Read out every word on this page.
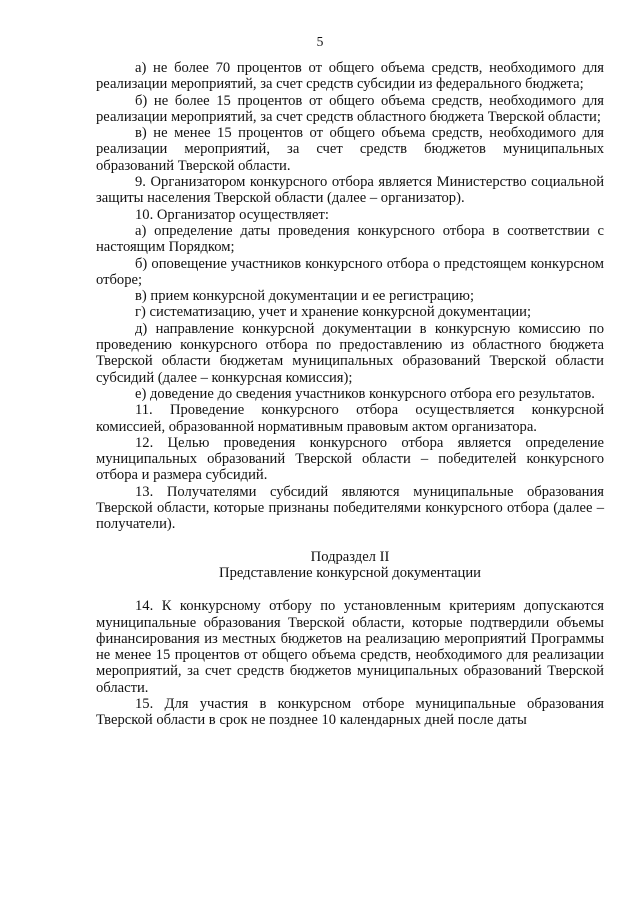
5

а) не более 70 процентов от общего объема средств, необходимого для реализации мероприятий, за счет средств субсидии из федерального бюджета;

б) не более 15 процентов от общего объема средств, необходимого для реализации мероприятий, за счет средств областного бюджета Тверской области;

в) не менее 15 процентов от общего объема средств, необходимого для реализации мероприятий, за счет средств бюджетов муниципальных образований Тверской области.

9. Организатором конкурсного отбора является Министерство социальной защиты населения Тверской области (далее – организатор).

10. Организатор осуществляет:

а) определение даты проведения конкурсного отбора в соответствии с настоящим Порядком;

б) оповещение участников конкурсного отбора о предстоящем конкурсном отборе;

в) прием конкурсной документации и ее регистрацию;

г) систематизацию, учет и хранение конкурсной документации;

д) направление конкурсной документации в конкурсную комиссию по проведению конкурсного отбора по предоставлению из областного бюджета Тверской области бюджетам муниципальных образований Тверской области субсидий (далее – конкурсная комиссия);

е) доведение до сведения участников конкурсного отбора его результатов.

11. Проведение конкурсного отбора осуществляется конкурсной комиссией, образованной нормативным правовым актом организатора.

12. Целью проведения конкурсного отбора является определение муниципальных образований Тверской области – победителей конкурсного отбора и размера субсидий.

13. Получателями субсидий являются муниципальные образования Тверской области, которые признаны победителями конкурсного отбора (далее – получатели).

Подраздел II

Представление конкурсной документации

14. К конкурсному отбору по установленным критериям допускаются муниципальные образования Тверской области, которые подтвердили объемы финансирования из местных бюджетов на реализацию мероприятий Программы не менее 15 процентов от общего объема средств, необходимого для реализации мероприятий, за счет средств бюджетов муниципальных образований Тверской области.

15. Для участия в конкурсном отборе муниципальные образования Тверской области в срок не позднее 10 календарных дней после даты
